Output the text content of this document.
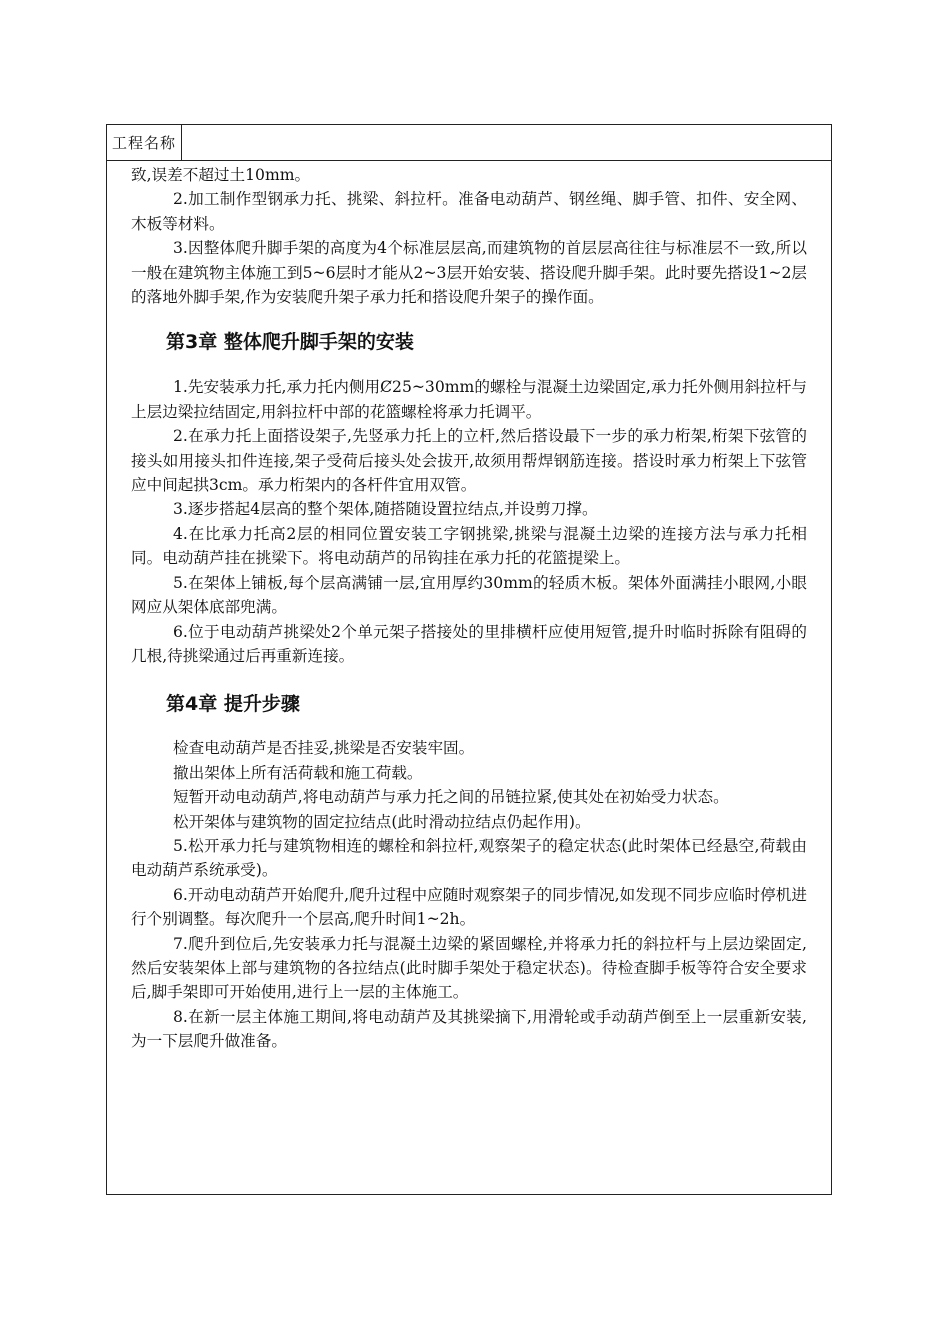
工程名称

致,误差不超过土10mm。

2.加工制作型钢承力托、挑梁、斜拉杆。准备电动葫芦、钢丝绳、脚手管、扣件、安全网、木板等材料。

3.因整体爬升脚手架的高度为4个标准层层高,而建筑物的首层层高往往与标准层不一致,所以一般在建筑物主体施工到5~6层时才能从2~3层开始安装、搭设爬升脚手架。此时要先搭设1~2层的落地外脚手架,作为安装爬升架子承力托和搭设爬升架子的操作面。

第3章 整体爬升脚手架的安装

1.先安装承力托,承力托内侧用Ȼ25~30mm的螺栓与混凝土边梁固定,承力托外侧用斜拉杆与上层边梁拉结固定,用斜拉杆中部的花篮螺栓将承力托调平。

2.在承力托上面搭设架子,先竖承力托上的立杆,然后搭设最下一步的承力桁架,桁架下弦管的接头如用接头扣件连接,架子受荷后接头处会拔开,故须用帮焊钢筋连接。搭设时承力桁架上下弦管应中间起拱3cm。承力桁架内的各杆件宜用双管。

3.逐步搭起4层高的整个架体,随搭随设置拉结点,并设剪刀撑。

4.在比承力托高2层的相同位置安装工字钢挑梁,挑梁与混凝土边梁的连接方法与承力托相同。电动葫芦挂在挑梁下。将电动葫芦的吊钩挂在承力托的花篮提梁上。

5.在架体上铺板,每个层高满铺一层,宜用厚约30mm的轻质木板。架体外面满挂小眼网,小眼网应从架体底部兜满。

6.位于电动葫芦挑梁处2个单元架子搭接处的里排横杆应使用短管,提升时临时拆除有阻碍的几根,待挑梁通过后再重新连接。

第4章 提升步骤

检查电动葫芦是否挂妥,挑梁是否安装牢固。

撤出架体上所有活荷载和施工荷载。

短暂开动电动葫芦,将电动葫芦与承力托之间的吊链拉紧,使其处在初始受力状态。

松开架体与建筑物的固定拉结点(此时滑动拉结点仍起作用)。

5.松开承力托与建筑物相连的螺栓和斜拉杆,观察架子的稳定状态(此时架体已经悬空,荷载由电动葫芦系统承受)。

6.开动电动葫芦开始爬升,爬升过程中应随时观察架子的同步情况,如发现不同步应临时停机进行个别调整。每次爬升一个层高,爬升时间1~2h。

7.爬升到位后,先安装承力托与混凝土边梁的紧固螺栓,并将承力托的斜拉杆与上层边梁固定,然后安装架体上部与建筑物的各拉结点(此时脚手架处于稳定状态)。待检查脚手板等符合安全要求后,脚手架即可开始使用,进行上一层的主体施工。

8.在新一层主体施工期间,将电动葫芦及其挑梁摘下,用滑轮或手动葫芦倒至上一层重新安装,为一下层爬升做准备。
